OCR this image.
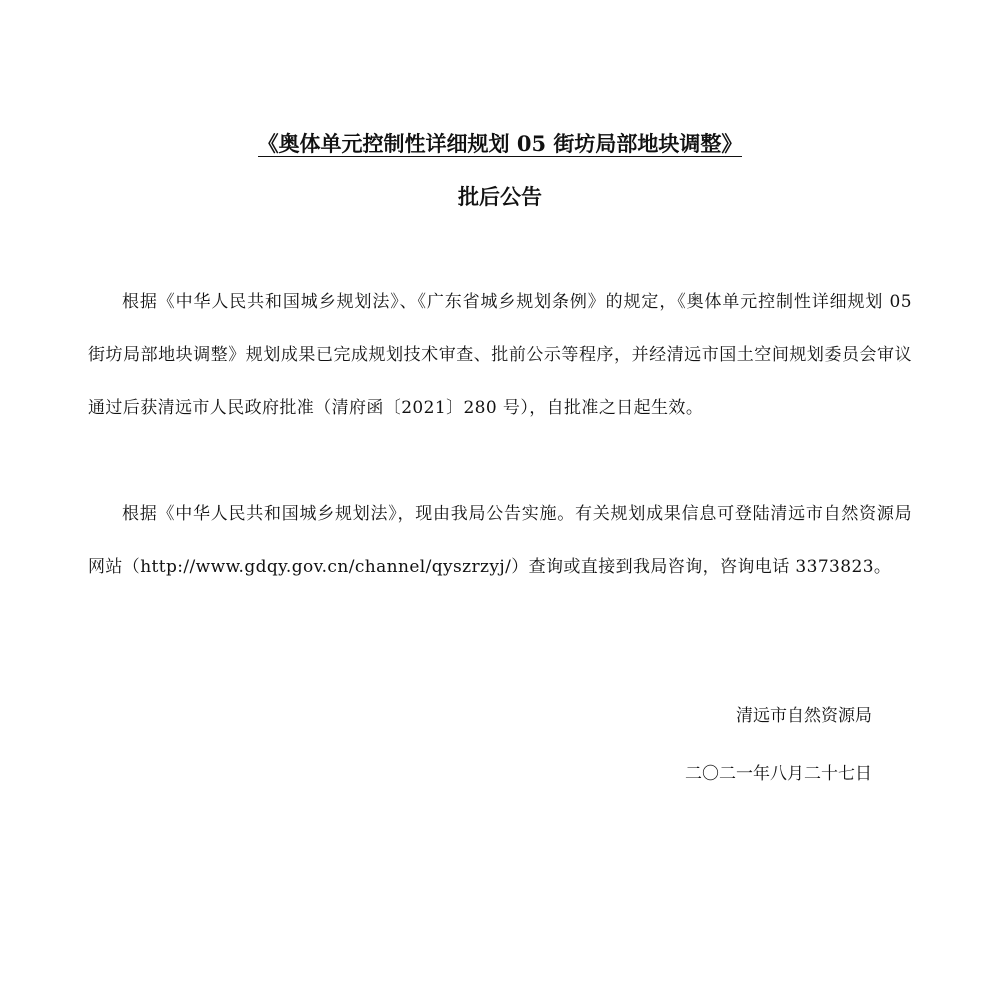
《奥体单元控制性详细规划 05 街坊局部地块调整》
批后公告

根据《中华人民共和国城乡规划法》、《广东省城乡规划条例》的规定，《奥体单元控制性详细规划 05 街坊局部地块调整》规划成果已完成规划技术审查、批前公示等程序，并经清远市国土空间规划委员会审议通过后获清远市人民政府批准（清府函〔2021〕280 号），自批准之日起生效。

根据《中华人民共和国城乡规划法》，现由我局公告实施。有关规划成果信息可登陆清远市自然资源局网站（http://www.gdqy.gov.cn/channel/qyszrzyj/）查询或直接到我局咨询，咨询电话 3373823。

清远市自然资源局

二〇二一年八月二十七日
